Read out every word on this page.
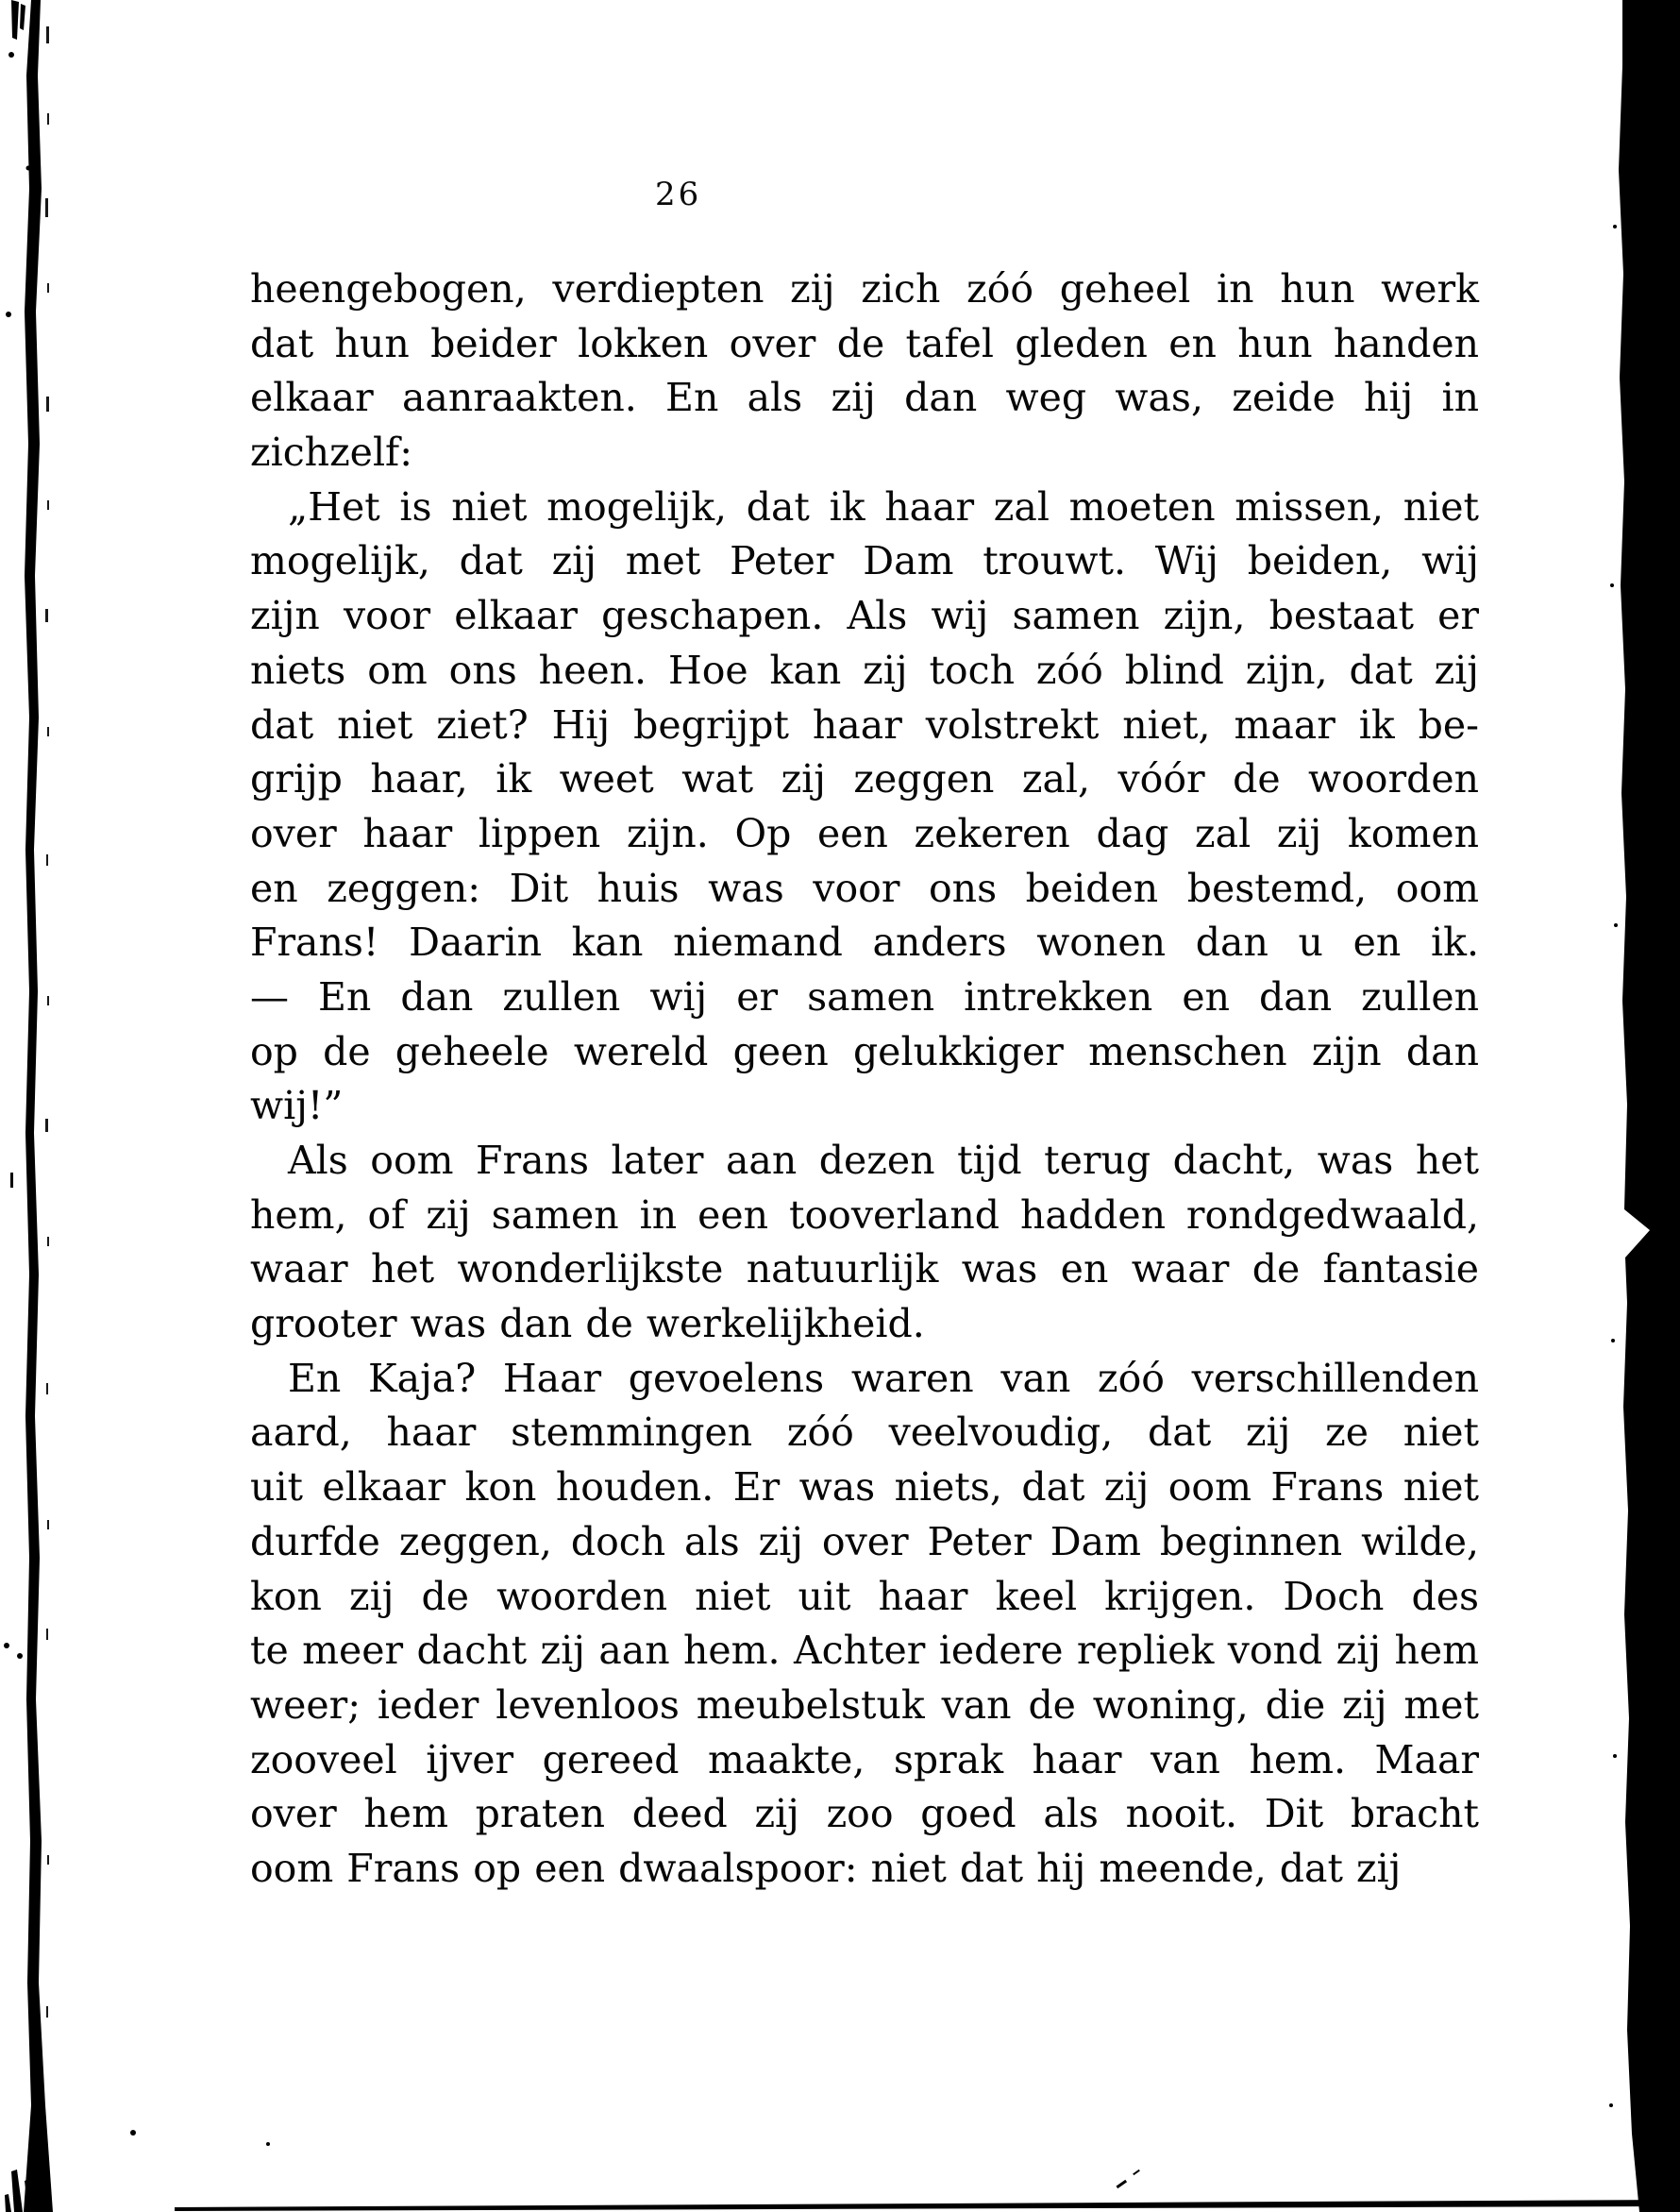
26
heengebogen, verdiepten zij zich zóó geheel in hun werk
dat hun beider lokken over de tafel gleden en hun handen
elkaar aanraakten. En als zij dan weg was, zeide hij in
zichzelf:
„Het is niet mogelijk, dat ik haar zal moeten missen, niet
mogelijk, dat zij met Peter Dam trouwt. Wij beiden, wij
zijn voor elkaar geschapen. Als wij samen zijn, bestaat er
niets om ons heen. Hoe kan zij toch zóó blind zijn, dat zij
dat niet ziet? Hij begrijpt haar volstrekt niet, maar ik be-
grijp haar, ik weet wat zij zeggen zal, vóór de woorden
over haar lippen zijn. Op een zekeren dag zal zij komen
en zeggen: Dit huis was voor ons beiden bestemd, oom
Frans! Daarin kan niemand anders wonen dan u en ik.
— En dan zullen wij er samen intrekken en dan zullen
op de geheele wereld geen gelukkiger menschen zijn dan
wij!”
Als oom Frans later aan dezen tijd terug dacht, was het
hem, of zij samen in een tooverland hadden rondgedwaald,
waar het wonderlijkste natuurlijk was en waar de fantasie
grooter was dan de werkelijkheid.
En Kaja? Haar gevoelens waren van zóó verschillenden
aard, haar stemmingen zóó veelvoudig, dat zij ze niet
uit elkaar kon houden. Er was niets, dat zij oom Frans niet
durfde zeggen, doch als zij over Peter Dam beginnen wilde,
kon zij de woorden niet uit haar keel krijgen. Doch des
te meer dacht zij aan hem. Achter iedere repliek vond zij hem
weer; ieder levenloos meubelstuk van de woning, die zij met
zooveel ijver gereed maakte, sprak haar van hem. Maar
over hem praten deed zij zoo goed als nooit. Dit bracht
oom Frans op een dwaalspoor: niet dat hij meende, dat zij
